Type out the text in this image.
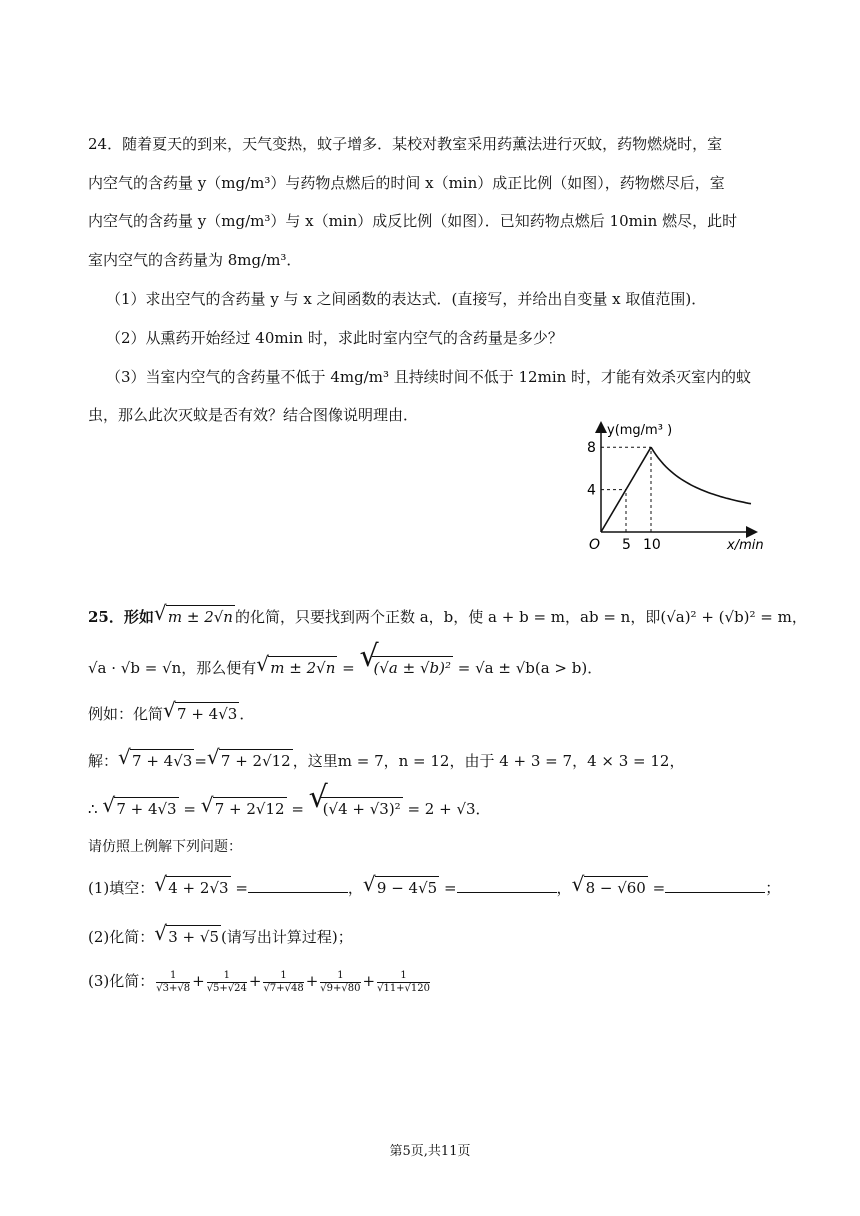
24．随着夏天的到来，天气变热，蚊子增多．某校对教室采用药薰法进行灭蚊，药物燃烧时，室
内空气的含药量 y（mg/m³）与药物点燃后的时间 x（min）成正比例（如图），药物燃尽后，室
内空气的含药量 y（mg/m³）与 x（min）成反比例（如图）．已知药物点燃后 10min 燃尽，此时
室内空气的含药量为 8mg/m³．
（1）求出空气的含药量 y 与 x 之间函数的表达式．(直接写，并给出自变量 x 取值范围)．
（2）从熏药开始经过 40min 时，求此时室内空气的含药量是多少？
（3）当室内空气的含药量不低于 4mg/m³ 且持续时间不低于 12min 时，才能有效杀灭室内的蚊
虫，那么此次灭蚊是否有效？结合图像说明理由．
y(mg/m³ )
x/min
O 5 10
4
8
25．形如 √ m ± 2√n 的化简，只要找到两个正数 a，b，使 a + b = m，ab = n，即(√a)² + (√b)² = m，
√a · √b = √n，那么便有 √ m ± 2√n = √ (√a ± √b)² = √a ± √b(a > b)．
例如：化简 √ 7 + 4√3 ．
解： √ 7 + 4√3 = √ 7 + 2√12 ，这里m = 7，n = 12，由于 4 + 3 = 7，4 × 3 = 12，
∴ √ 7 + 4√3 = √ 7 + 2√12 = √ (√4 + √3)² = 2 + √3．
请仿照上例解下列问题：
(1)填空： √ 4 + 2√3 =	， √ 9 − 4√5 =	， √ 8 − √60 =	；
(2)化简： √ 3 + √5 (请写出计算过程)；
(3)化简： $\frac{1}{√3+√8} + \frac{1}{√5+√24} + \frac{1}{√7+√48} + \frac{1}{√9+√80} + \frac{1}{√11+√120}$
第5页,共11页
